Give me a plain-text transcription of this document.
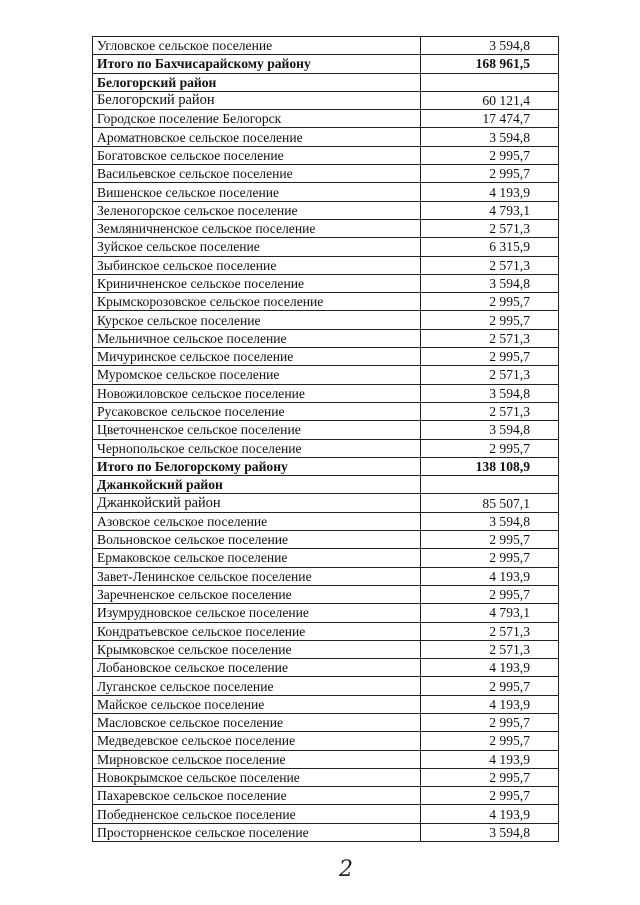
Угловское сельское поселение	3 594,8
Итого по Бахчисарайскому району	168 961,5
Белогорский район	
Белогорский район	60 121,4
Городское поселение Белогорск	17 474,7
Ароматновское сельское поселение	3 594,8
Богатовское сельское поселение	2 995,7
Васильевское сельское поселение	2 995,7
Вишенское сельское поселение	4 193,9
Зеленогорское сельское поселение	4 793,1
Земляничненское сельское поселение	2 571,3
Зуйское сельское поселение	6 315,9
Зыбинское сельское поселение	2 571,3
Криничненское сельское поселение	3 594,8
Крымскорозовское сельское поселение	2 995,7
Курское сельское поселение	2 995,7
Мельничное сельское поселение	2 571,3
Мичуринское сельское поселение	2 995,7
Муромское сельское поселение	2 571,3
Новожиловское сельское поселение	3 594,8
Русаковское сельское поселение	2 571,3
Цветочненское сельское поселение	3 594,8
Чернопольское сельское поселение	2 995,7
Итого по Белогорскому району	138 108,9
Джанкойский район	
Джанкойский район	85 507,1
Азовское сельское поселение	3 594,8
Вольновское сельское поселение	2 995,7
Ермаковское сельское поселение	2 995,7
Завет-Ленинское сельское поселение	4 193,9
Заречненское сельское поселение	2 995,7
Изумрудновское сельское поселение	4 793,1
Кондратьевское сельское поселение	2 571,3
Крымковское сельское поселение	2 571,3
Лобановское сельское поселение	4 193,9
Луганское сельское поселение	2 995,7
Майское сельское поселение	4 193,9
Масловское сельское поселение	2 995,7
Медведевское сельское поселение	2 995,7
Мирновское сельское поселение	4 193,9
Новокрымское сельское поселение	2 995,7
Пахаревское сельское поселение	2 995,7
Победненское сельское поселение	4 193,9
Просторненское сельское поселение	3 594,8
2
